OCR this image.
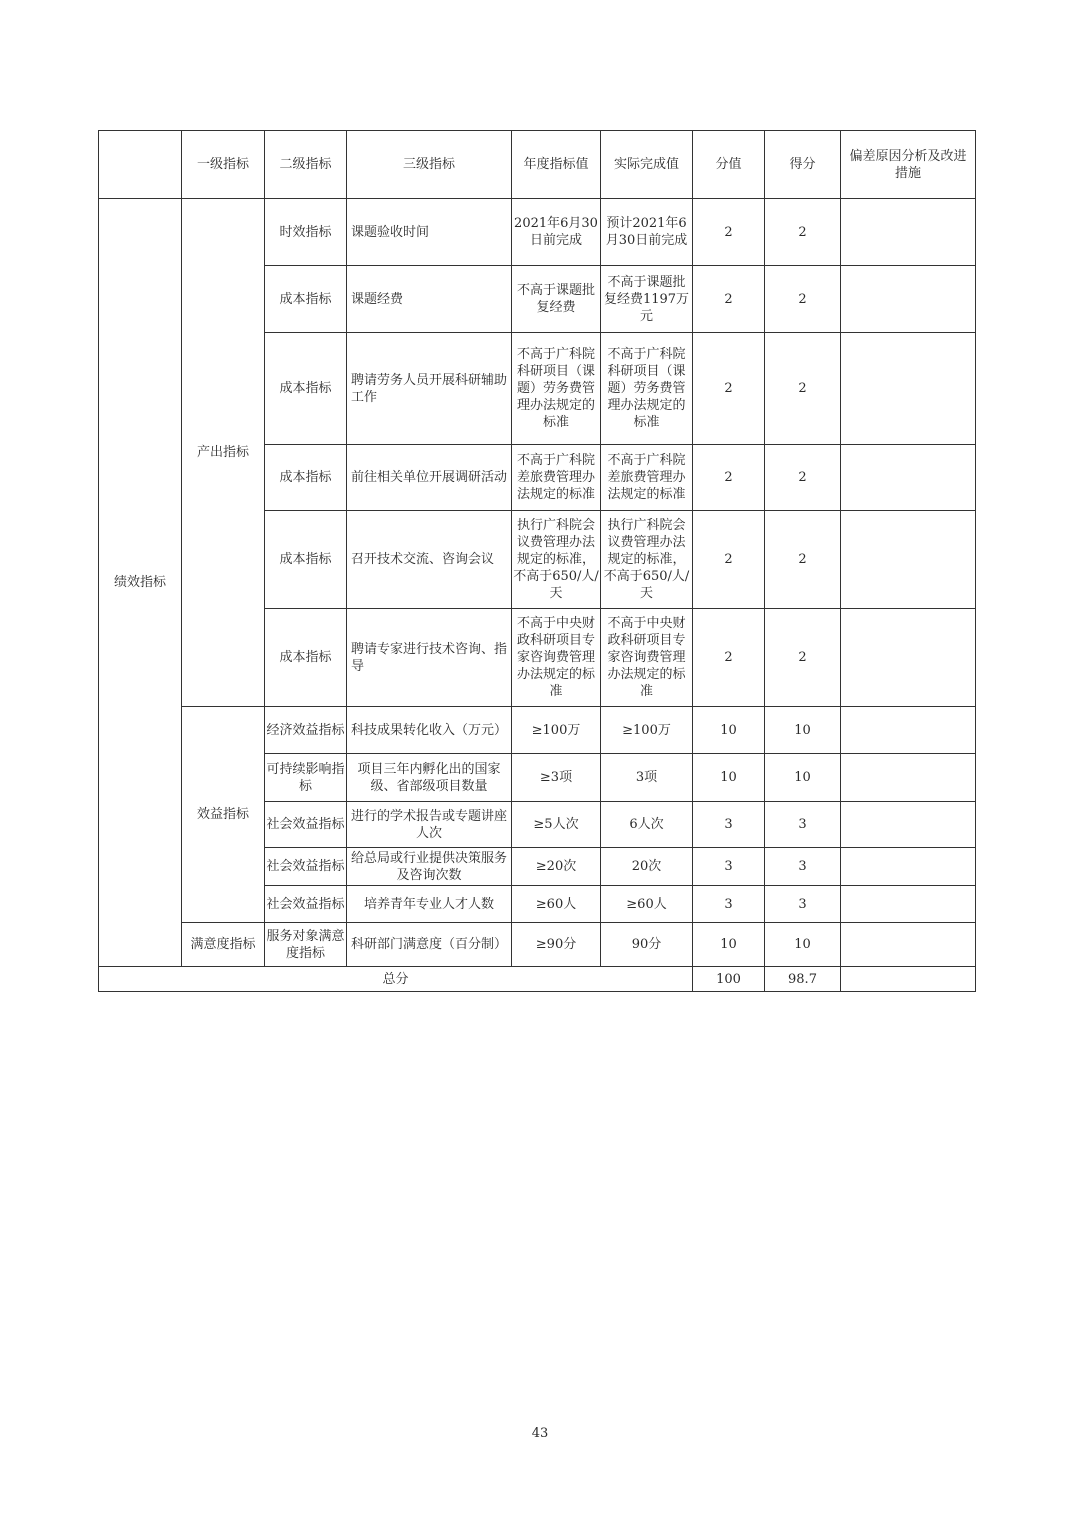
	一级指标	二级指标	三级指标	年度指标值	实际完成值	分值	得分	偏差原因分析及改进措施
绩效指标	产出指标	时效指标	课题验收时间	2021年6月30日前完成	预计2021年6月30日前完成	2	2	
		成本指标	课题经费	不高于课题批复经费	不高于课题批复经费1197万元	2	2	
		成本指标	聘请劳务人员开展科研辅助工作	不高于广科院科研项目（课题）劳务费管理办法规定的标准	不高于广科院科研项目（课题）劳务费管理办法规定的标准	2	2	
		成本指标	前往相关单位开展调研活动	不高于广科院差旅费管理办法规定的标准	不高于广科院差旅费管理办法规定的标准	2	2	
		成本指标	召开技术交流、咨询会议	执行广科院会议费管理办法规定的标准，不高于650/人/天	执行广科院会议费管理办法规定的标准，不高于650/人/天	2	2	
		成本指标	聘请专家进行技术咨询、指导	不高于中央财政科研项目专家咨询费管理办法规定的标准	不高于中央财政科研项目专家咨询费管理办法规定的标准	2	2	
	效益指标	经济效益指标	科技成果转化收入（万元）	≥100万	≥100万	10	10	
		可持续影响指标	项目三年内孵化出的国家级、省部级项目数量	≥3项	3项	10	10	
		社会效益指标	进行的学术报告或专题讲座人次	≥5人次	6人次	3	3	
		社会效益指标	给总局或行业提供决策服务及咨询次数	≥20次	20次	3	3	
		社会效益指标	培养青年专业人才人数	≥60人	≥60人	3	3	
	满意度指标	服务对象满意度指标	科研部门满意度（百分制）	≥90分	90分	10	10	
总分						100	98.7	
43
